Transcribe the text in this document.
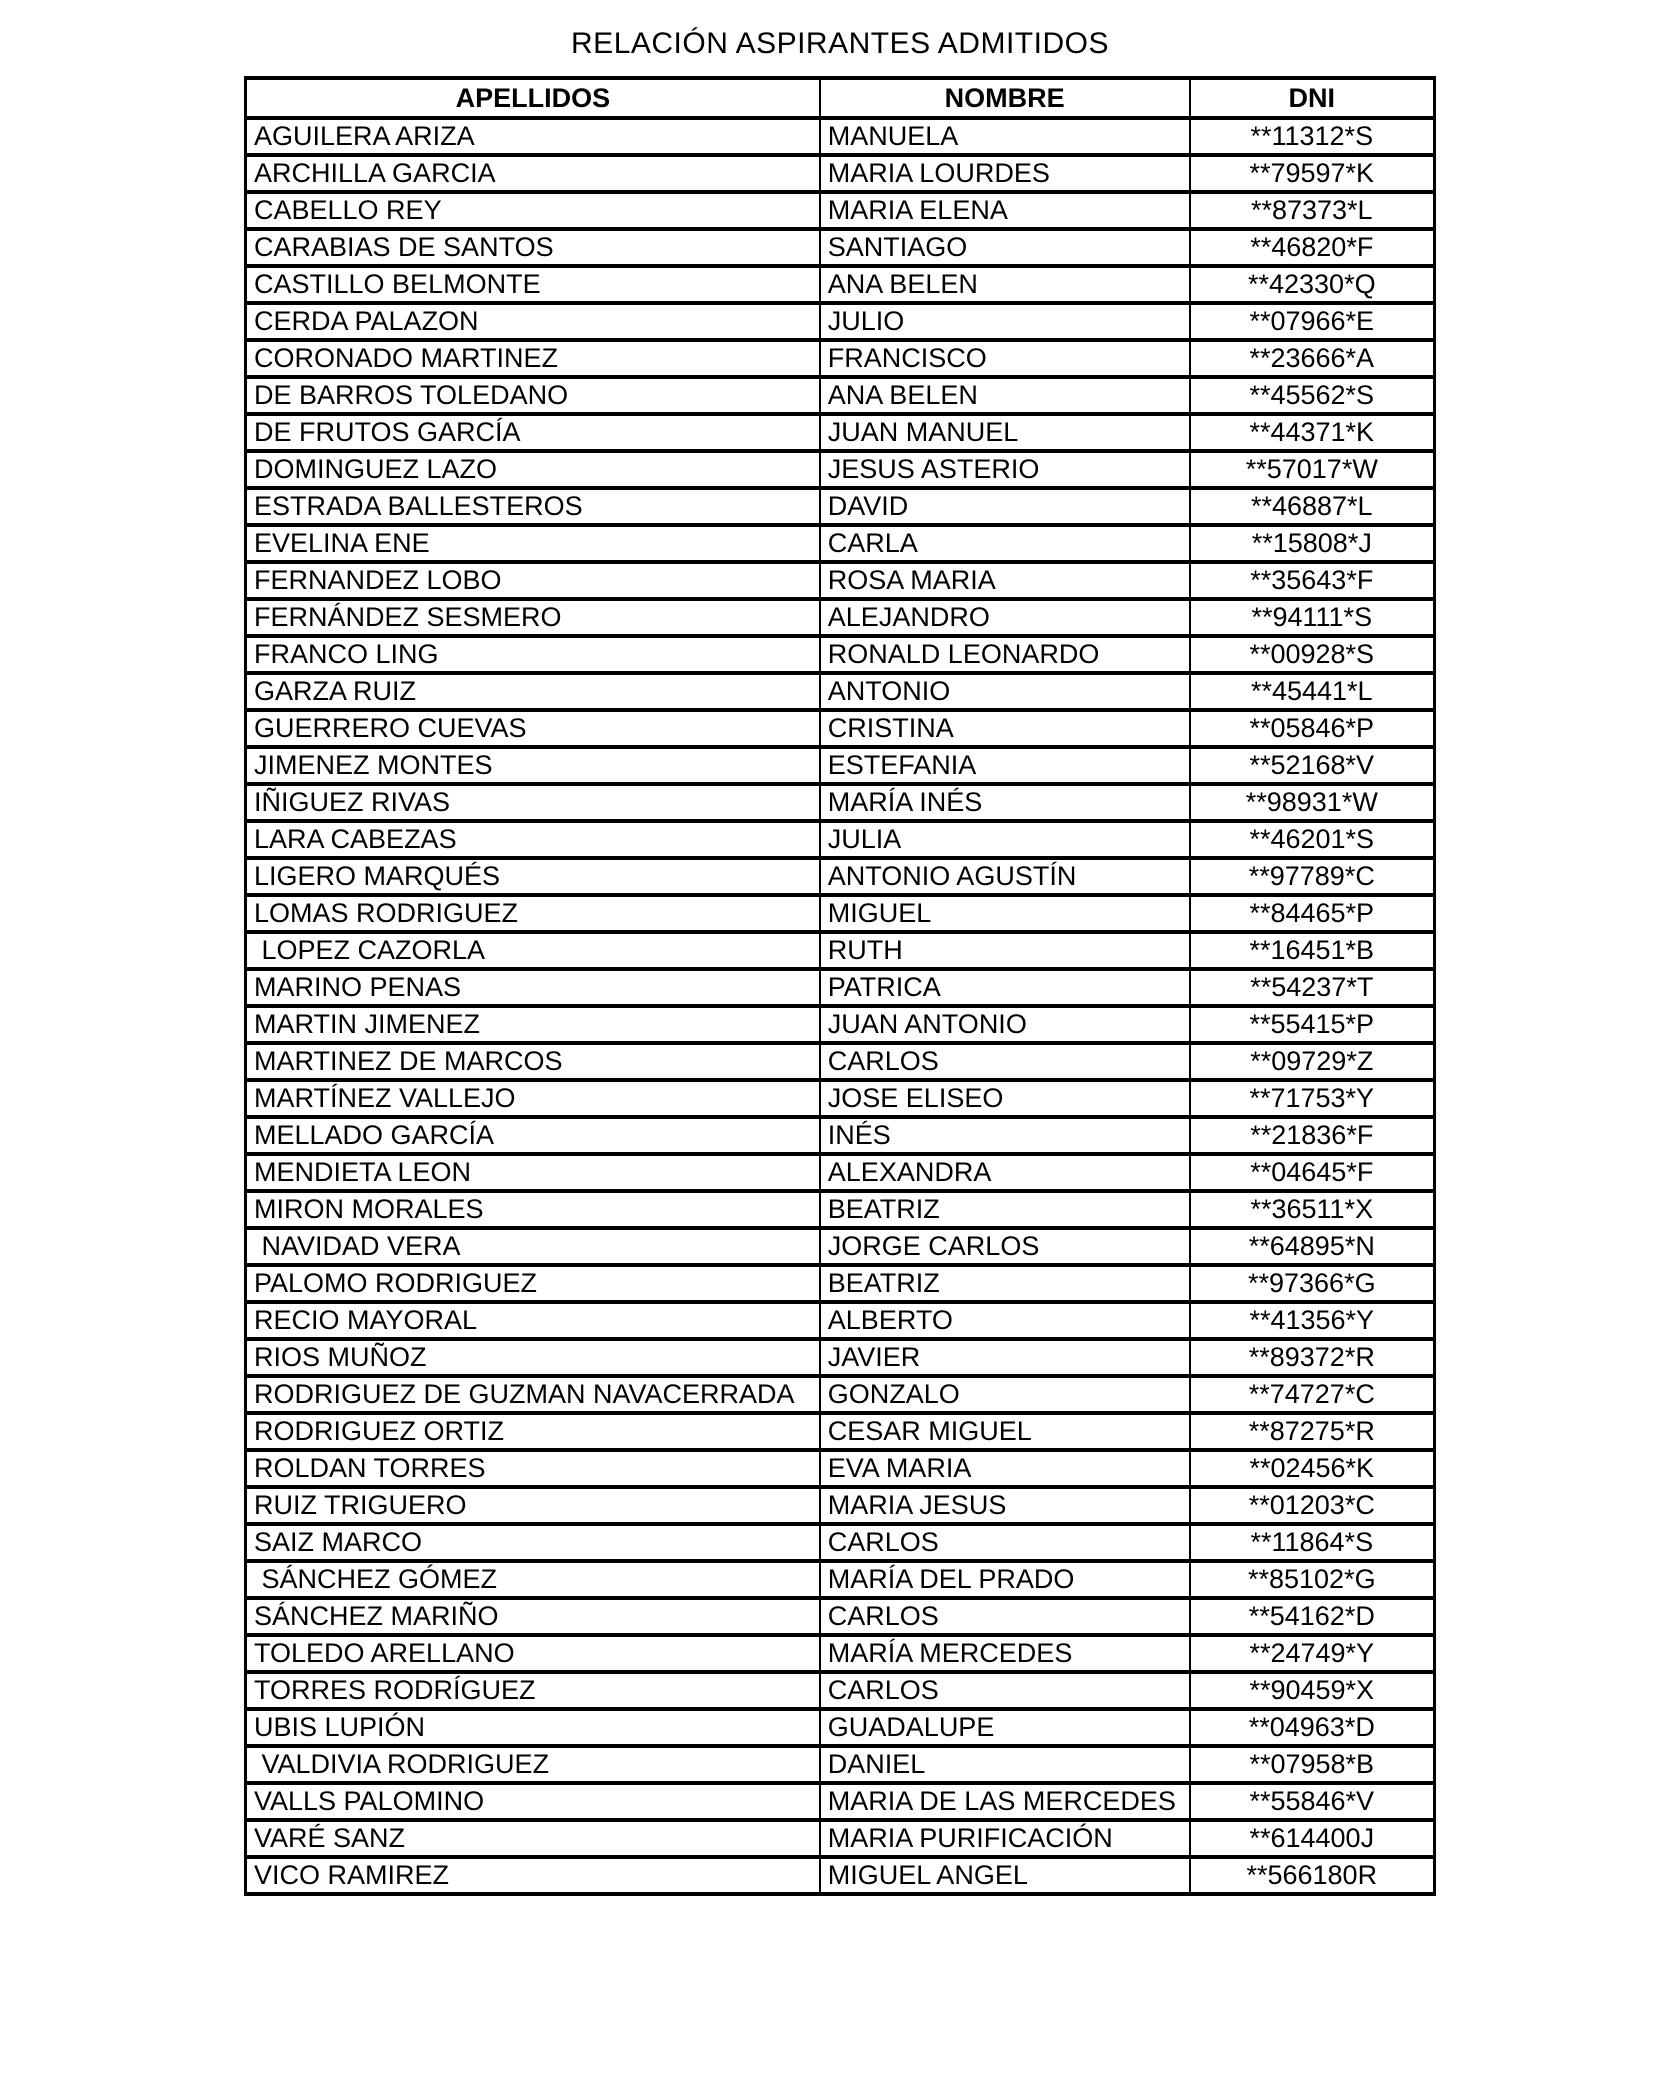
RELACIÓN ASPIRANTES ADMITIDOS
APELLIDOS	NOMBRE	DNI
AGUILERA ARIZA	MANUELA	**11312*S
ARCHILLA GARCIA	MARIA LOURDES	**79597*K
CABELLO REY	MARIA ELENA	**87373*L
CARABIAS DE SANTOS	SANTIAGO	**46820*F
CASTILLO BELMONTE	ANA BELEN	**42330*Q
CERDA PALAZON	JULIO	**07966*E
CORONADO MARTINEZ	FRANCISCO	**23666*A
DE BARROS TOLEDANO	ANA BELEN	**45562*S
DE FRUTOS GARCÍA	JUAN MANUEL	**44371*K
DOMINGUEZ LAZO	JESUS ASTERIO	**57017*W
ESTRADA BALLESTEROS	DAVID	**46887*L
EVELINA ENE	CARLA	**15808*J
FERNANDEZ LOBO	ROSA MARIA	**35643*F
FERNÁNDEZ SESMERO	ALEJANDRO	**94111*S
FRANCO LING	RONALD LEONARDO	**00928*S
GARZA RUIZ	ANTONIO	**45441*L
GUERRERO CUEVAS	CRISTINA	**05846*P
JIMENEZ MONTES	ESTEFANIA	**52168*V
IÑIGUEZ RIVAS	MARÍA INÉS	**98931*W
LARA CABEZAS	JULIA	**46201*S
LIGERO MARQUÉS	ANTONIO AGUSTÍN	**97789*C
LOMAS RODRIGUEZ	MIGUEL	**84465*P
LOPEZ CAZORLA	RUTH	**16451*B
MARINO PENAS	PATRICA	**54237*T
MARTIN JIMENEZ	JUAN ANTONIO	**55415*P
MARTINEZ DE MARCOS	CARLOS	**09729*Z
MARTÍNEZ VALLEJO	JOSE ELISEO	**71753*Y
MELLADO GARCÍA	INÉS	**21836*F
MENDIETA LEON	ALEXANDRA	**04645*F
MIRON MORALES	BEATRIZ	**36511*X
NAVIDAD VERA	JORGE CARLOS	**64895*N
PALOMO RODRIGUEZ	BEATRIZ	**97366*G
RECIO MAYORAL	ALBERTO	**41356*Y
RIOS MUÑOZ	JAVIER	**89372*R
RODRIGUEZ DE GUZMAN NAVACERRADA	GONZALO	**74727*C
RODRIGUEZ ORTIZ	CESAR MIGUEL	**87275*R
ROLDAN TORRES	EVA MARIA	**02456*K
RUIZ TRIGUERO	MARIA JESUS	**01203*C
SAIZ MARCO	CARLOS	**11864*S
SÁNCHEZ GÓMEZ	MARÍA DEL PRADO	**85102*G
SÁNCHEZ MARIÑO	CARLOS	**54162*D
TOLEDO ARELLANO	MARÍA MERCEDES	**24749*Y
TORRES RODRÍGUEZ	CARLOS	**90459*X
UBIS LUPIÓN	GUADALUPE	**04963*D
VALDIVIA RODRIGUEZ	DANIEL	**07958*B
VALLS PALOMINO	MARIA DE LAS MERCEDES	**55846*V
VARÉ SANZ	MARIA PURIFICACIÓN	**614400J
VICO RAMIREZ	MIGUEL ANGEL	**566180R
